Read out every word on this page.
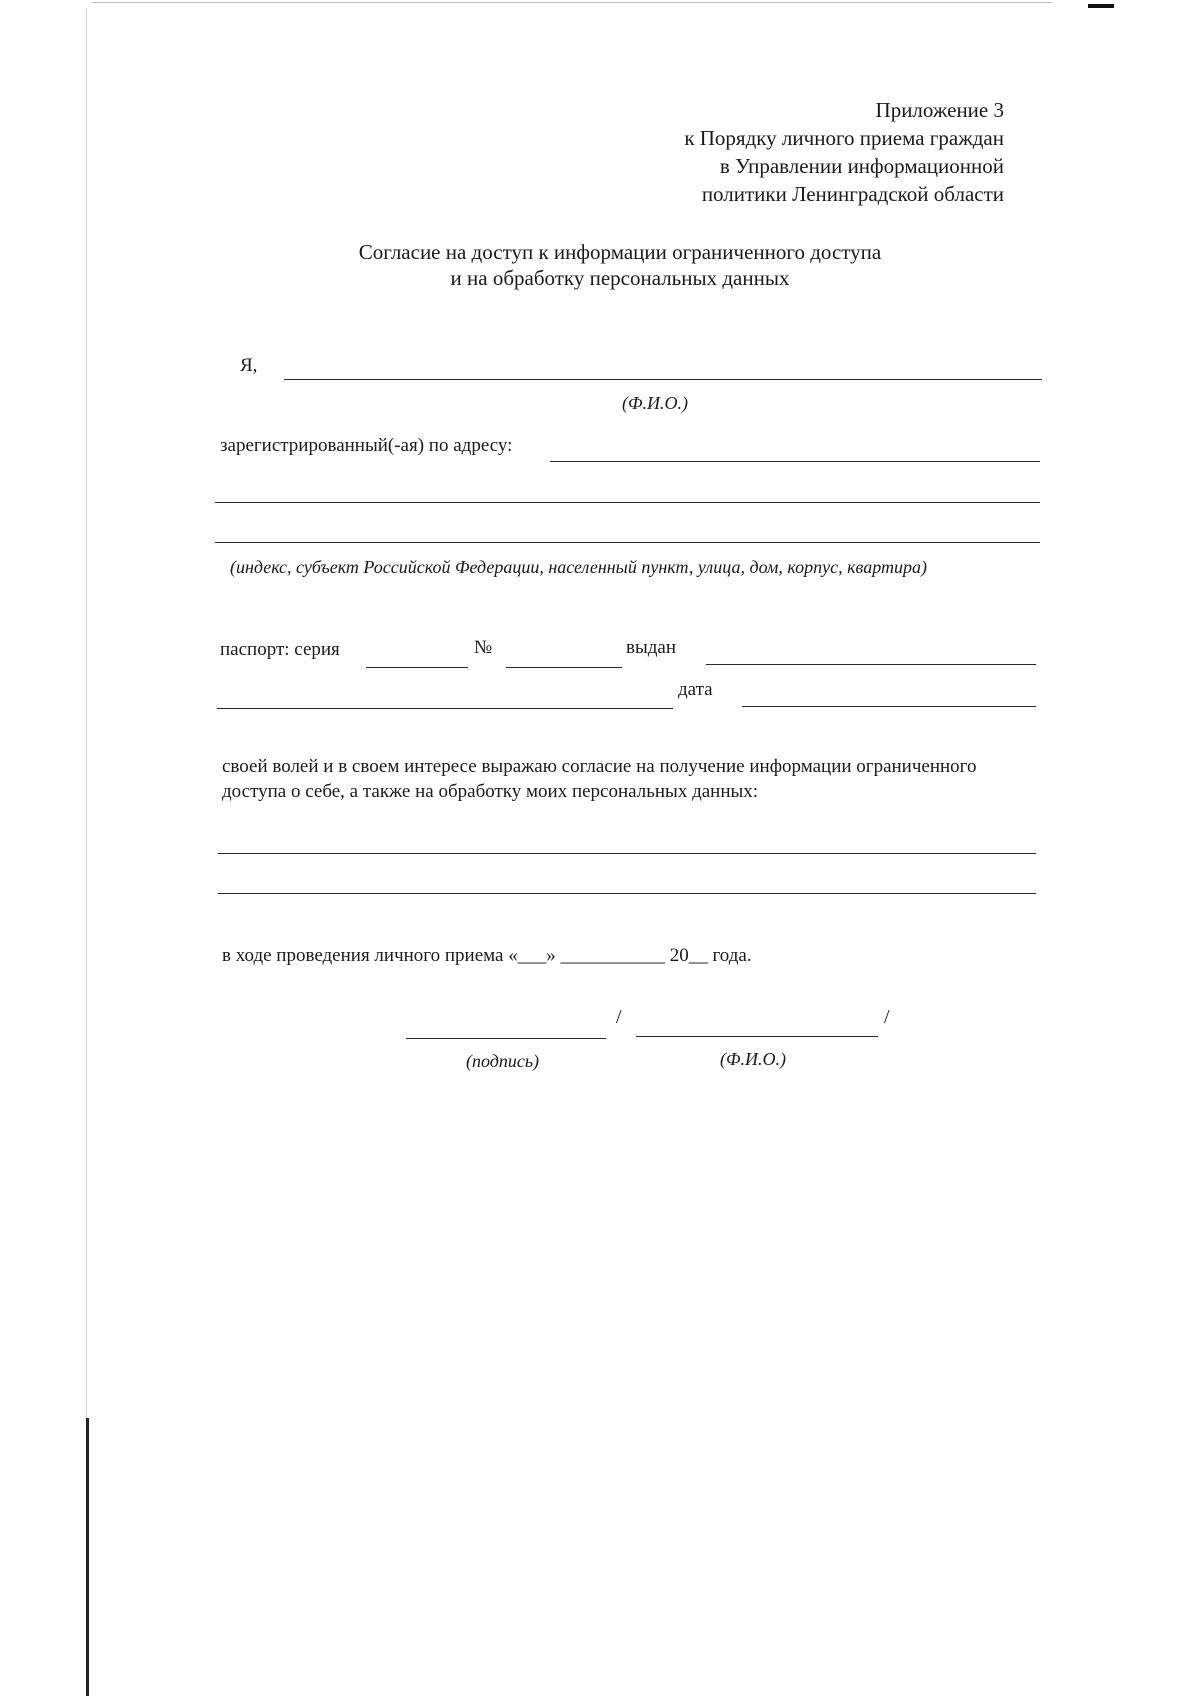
Приложение 3
к Порядку личного приема граждан
в Управлении информационной
политики Ленинградской области
Согласие на доступ к информации ограниченного доступа
и на обработку персональных данных
Я,
(Ф.И.О.)
зарегистрированный(-ая) по адресу:
(индекс, субъект Российской Федерации, населенный пункт, улица, дом, корпус, квартира)
паспорт: серия	№	выдан
дата
своей волей и в своем интересе выражаю согласие на получение информации ограниченного
доступа о себе, а также на обработку моих персональных данных:
в ходе проведения личного приема «___» ___________ 20__ года.
/	/
(подпись)	(Ф.И.О.)
